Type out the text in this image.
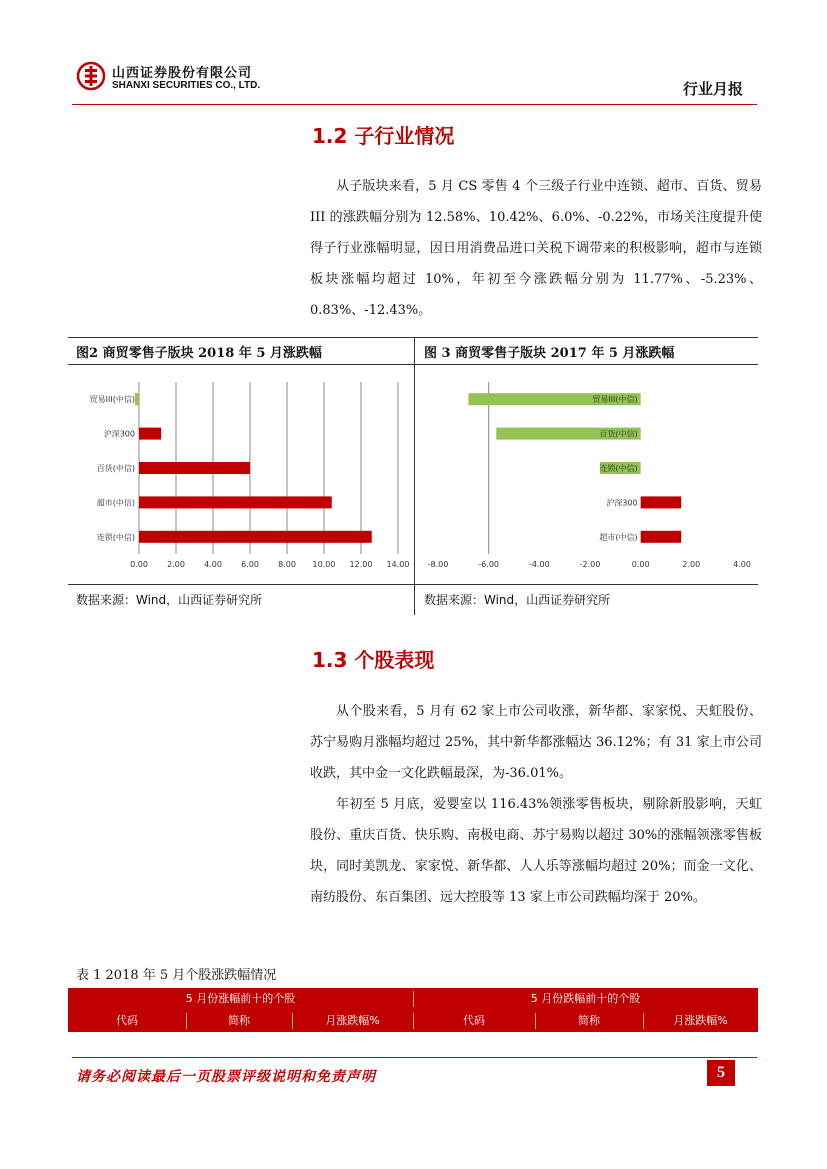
山西证券股份有限公司
SHANXI SECURITIES CO., LTD.	行业月报
1.2 子行业情况

从子版块来看，5 月 CS 零售 4 个三级子行业中连锁、超市、百货、贸易 III 的涨跌幅分别为 12.58%、10.42%、6.0%、-0.22%，市场关注度提升使得子行业涨幅明显，因日用消费品进口关税下调带来的积极影响，超市与连锁板块涨幅均超过 10%，年初至今涨跌幅分别为 11.77%、-5.23%、0.83%、-12.43%。

图2 商贸零售子版块 2018 年 5 月涨跌幅	图 3 商贸零售子版块 2017 年 5 月涨跌幅
0.00 2.00 4.00 6.00 8.00 10.00 12.00 14.00
贸易III(中信)
沪深300
百货(中信)
超市(中信)
连锁(中信)
-8.00	-6.00	-4.00	-2.00	0.00	2.00	4.00
贸易III(中信)
百货(中信)
连锁(中信)
沪深300
超市(中信)
数据来源：Wind，山西证券研究所	数据来源：Wind，山西证券研究所
1.3 个股表现

从个股来看，5 月有 62 家上市公司收涨，新华都、家家悦、天虹股份、苏宁易购月涨幅均超过 25%，其中新华都涨幅达 36.12%；有 31 家上市公司收跌，其中金一文化跌幅最深，为-36.01%。

年初至 5 月底，爱婴室以 116.43%领涨零售板块，剔除新股影响，天虹股份、重庆百货、快乐购、南极电商、苏宁易购以超过 30%的涨幅领涨零售板块，同时美凯龙、家家悦、新华都、人人乐等涨幅均超过 20%；而金一文化、南纺股份、东百集团、远大控股等 13 家上市公司跌幅均深于 20%。

表 1 2018 年 5 月个股涨跌幅情况
5 月份涨幅前十的个股	5 月份跌幅前十的个股
代码	简称	月涨跌幅%	代码	简称	月涨跌幅%
请务必阅读最后一页股票评级说明和免责声明	5
